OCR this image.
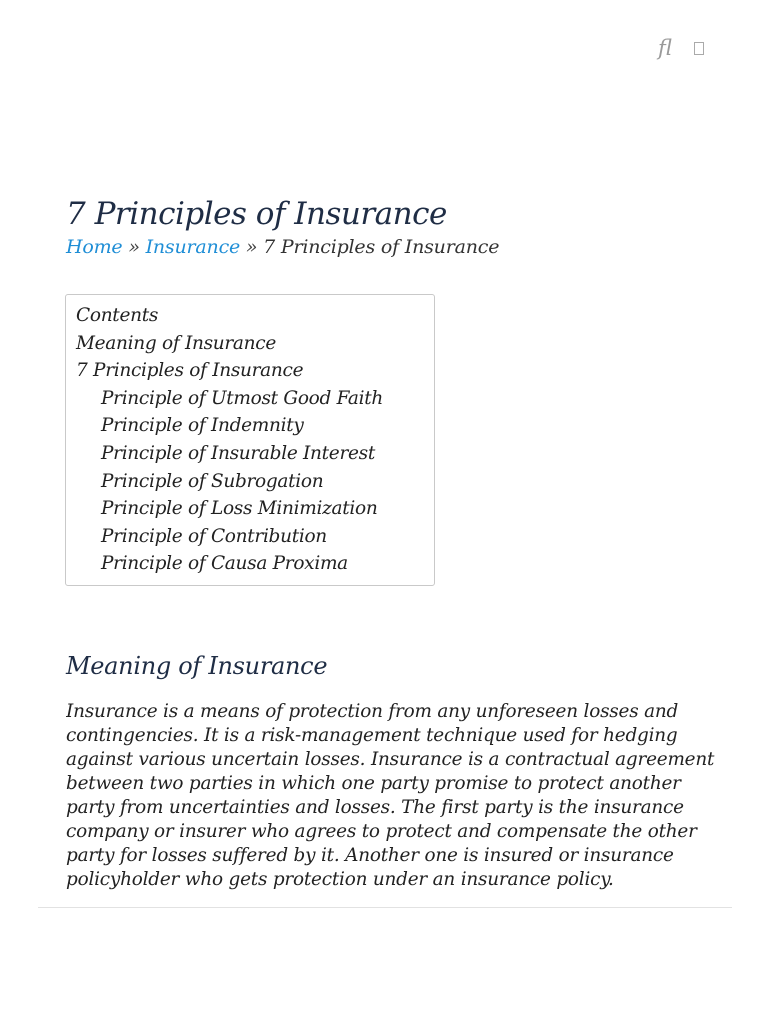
fl
7 Principles of Insurance
Home » Insurance » 7 Principles of Insurance
Contents
Meaning of Insurance
7 Principles of Insurance
Principle of Utmost Good Faith
Principle of Indemnity
Principle of Insurable Interest
Principle of Subrogation
Principle of Loss Minimization
Principle of Contribution
Principle of Causa Proxima
Meaning of Insurance

Insurance is a means of protection from any unforeseen losses and contingencies. It is a risk-management technique used for hedging against various uncertain losses. Insurance is a contractual agreement between two parties in which one party promise to protect another party from uncertainties and losses. The first party is the insurance company or insurer who agrees to protect and compensate the other party for losses suffered by it. Another one is insured or insurance policyholder who gets protection under an insurance policy.
